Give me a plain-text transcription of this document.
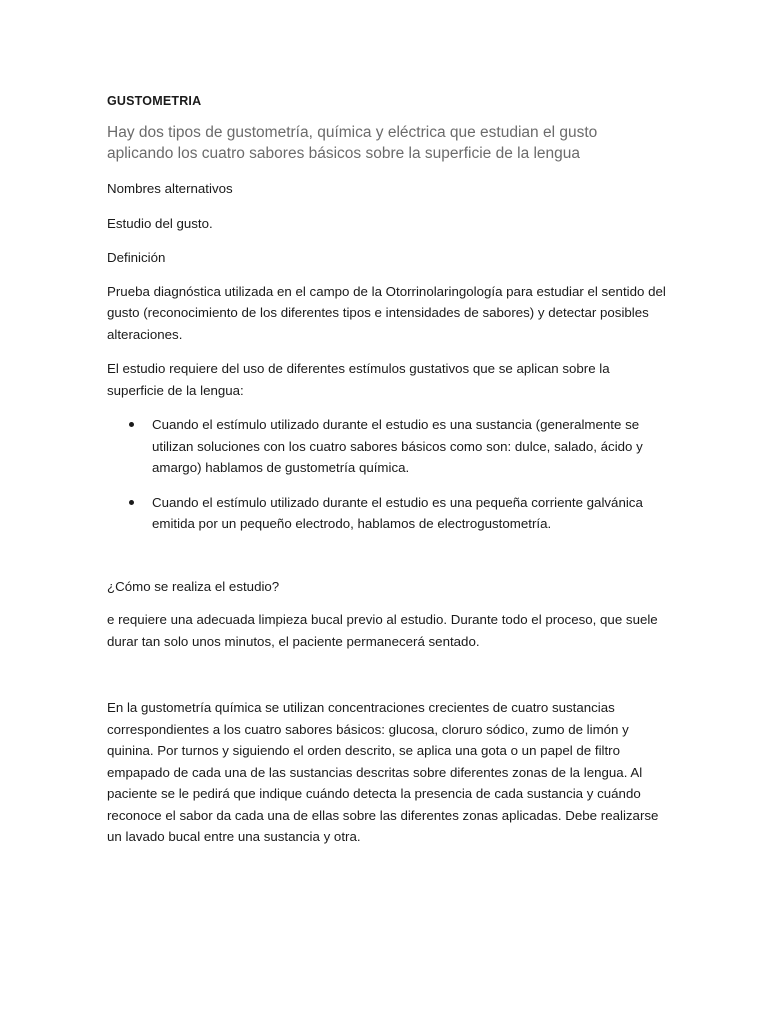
GUSTOMETRIA

Hay dos tipos de gustometría, química y eléctrica que estudian el gusto aplicando los cuatro sabores básicos sobre la superficie de la lengua

Nombres alternativos

Estudio del gusto.

Definición

Prueba diagnóstica utilizada en el campo de la Otorrinolaringología para estudiar el sentido del gusto (reconocimiento de los diferentes tipos e intensidades de sabores) y detectar posibles alteraciones.

El estudio requiere del uso de diferentes estímulos gustativos que se aplican sobre la superficie de la lengua:

Cuando el estímulo utilizado durante el estudio es una sustancia (generalmente se utilizan soluciones con los cuatro sabores básicos como son: dulce, salado, ácido y amargo) hablamos de gustometría química.
Cuando el estímulo utilizado durante el estudio es una pequeña corriente galvánica emitida por un pequeño electrodo, hablamos de electrogustometría.

¿Cómo se realiza el estudio?

e requiere una adecuada limpieza bucal previo al estudio. Durante todo el proceso, que suele durar tan solo unos minutos, el paciente permanecerá sentado.

En la gustometría química se utilizan concentraciones crecientes de cuatro sustancias correspondientes a los cuatro sabores básicos: glucosa, cloruro sódico, zumo de limón y quinina. Por turnos y siguiendo el orden descrito, se aplica una gota o un papel de filtro empapado de cada una de las sustancias descritas sobre diferentes zonas de la lengua. Al paciente se le pedirá que indique cuándo detecta la presencia de cada sustancia y cuándo reconoce el sabor da cada una de ellas sobre las diferentes zonas aplicadas. Debe realizarse un lavado bucal entre una sustancia y otra.
